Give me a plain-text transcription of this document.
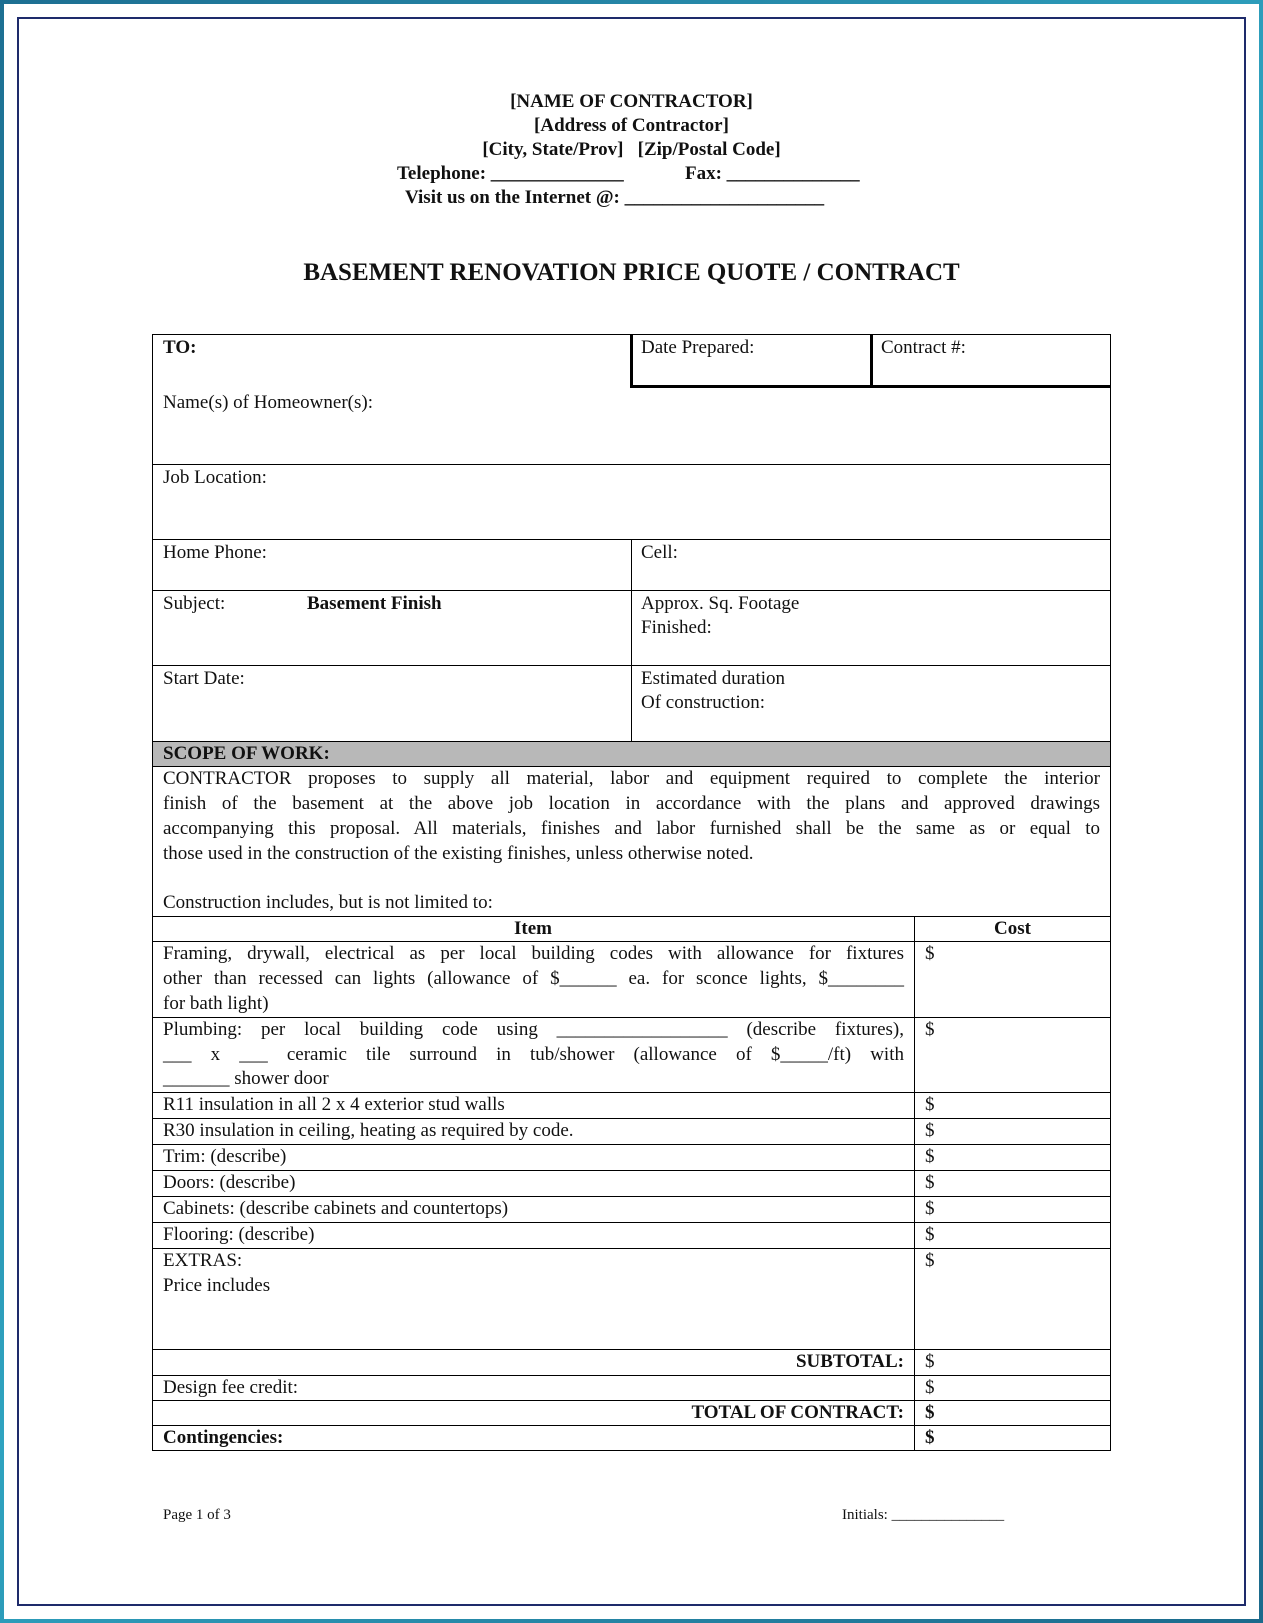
[NAME OF CONTRACTOR]
[Address of Contractor]
[City, State/Prov]   [Zip/Postal Code]
Telephone: ______________	Fax: ______________
Visit us on the Internet @: _____________________
BASEMENT RENOVATION PRICE QUOTE / CONTRACT
TO:	Date Prepared:	Contract #:
Name(s) of Homeowner(s):
Job Location:
Home Phone:	Cell:
Subject:	Basement Finish	Approx. Sq. Footage
Finished:
Start Date:	Estimated duration
Of construction:
SCOPE OF WORK:
CONTRACTOR proposes to supply all material, labor and equipment required to complete the interior
finish of the basement at the above job location in accordance with the plans and approved drawings
accompanying this proposal. All materials, finishes and labor furnished shall be the same as or equal to
those used in the construction of the existing finishes, unless otherwise noted.
Construction includes, but is not limited to:
Item	Cost
Framing, drywall, electrical as per local building codes with allowance for fixtures
other than recessed can lights (allowance of $______ ea. for sconce lights, $________
for bath light)
$
Plumbing: per local building code using __________________ (describe fixtures),
___ x ___ ceramic tile surround in tub/shower (allowance of $_____/ft) with
_______ shower door
$
R11 insulation in all 2 x 4 exterior stud walls	$
R30 insulation in ceiling, heating as required by code.	$
Trim: (describe)	$
Doors: (describe)	$
Cabinets: (describe cabinets and countertops)	$
Flooring: (describe)	$
EXTRAS:
Price includes
$
SUBTOTAL: $
Design fee credit:	$
TOTAL OF CONTRACT: $
Contingencies:	$
Page 1 of 3	Initials: _______________
